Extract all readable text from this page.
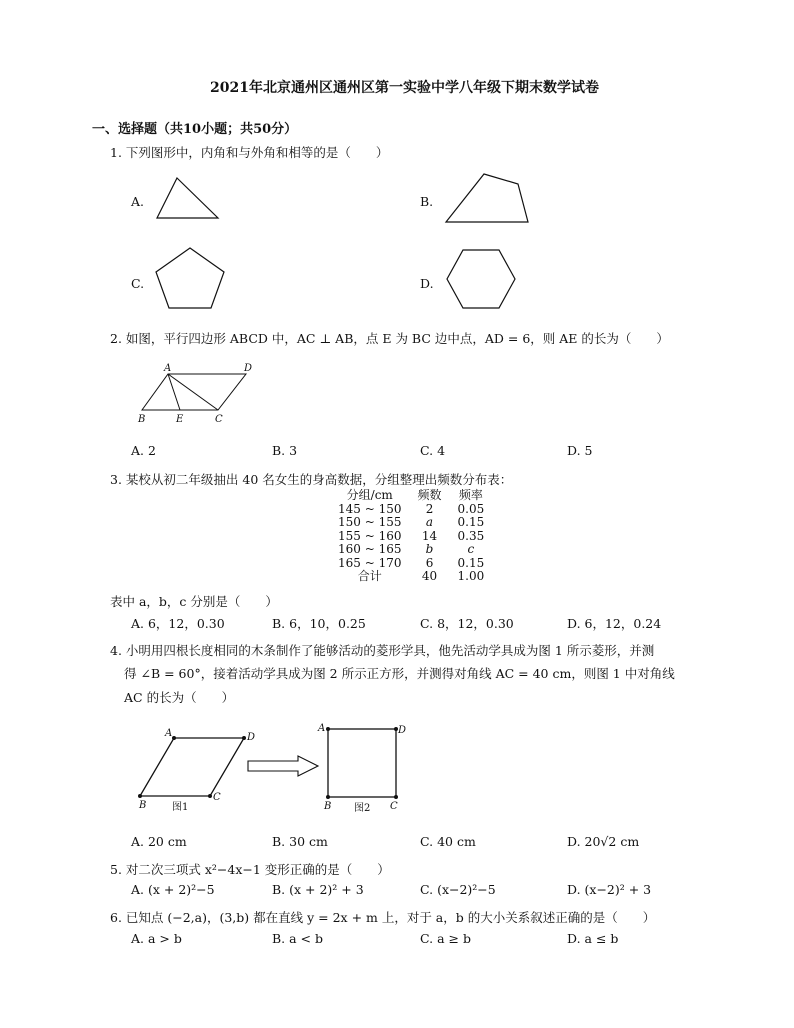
2021年北京通州区通州区第一实验中学八年级下期末数学试卷
一、选择题（共10小题；共50分）
1. 下列图形中，内角和与外角和相等的是（　　）
A.	B.
C.	D.
2. 如图，平行四边形 ABCD 中，AC ⊥ AB，点 E 为 BC 边中点，AD = 6，则 AE 的长为（　　）
A	D
B	E	C
A. 2	B. 3	C. 4	D. 5
3. 某校从初二年级抽出 40 名女生的身高数据，分组整理出频数分布表：
分组/cm	频数	频率
145 ~ 150	2	0.05
150 ~ 155	a	0.15
155 ~ 160	14	0.35
160 ~ 165	b	c
165 ~ 170	6	0.15
合计	40	1.00
表中 a，b，c 分别是（　　）
A. 6，12，0.30	B. 6，10，0.25	C. 8，12，0.30	D. 6，12，0.24
4. 小明用四根长度相同的木条制作了能够活动的菱形学具，他先活动学具成为图 1 所示菱形，并测
得 ∠B = 60°，接着活动学具成为图 2 所示正方形，并测得对角线 AC = 40 cm，则图 1 中对角线
AC 的长为（　　）
A	D
B
C
图1
A	D
B	C
图2
A. 20 cm	B. 30 cm	C. 40 cm	D. 20√2 cm
5. 对二次三项式 x²−4x−1 变形正确的是（　　）
A. (x + 2)²−5	B. (x + 2)² + 3	C. (x−2)²−5	D. (x−2)² + 3
6. 已知点 (−2,a)，(3,b) 都在直线 y = 2x + m 上，对于 a，b 的大小关系叙述正确的是（　　）
A. a > b	B. a < b	C. a ≥ b	D. a ≤ b
